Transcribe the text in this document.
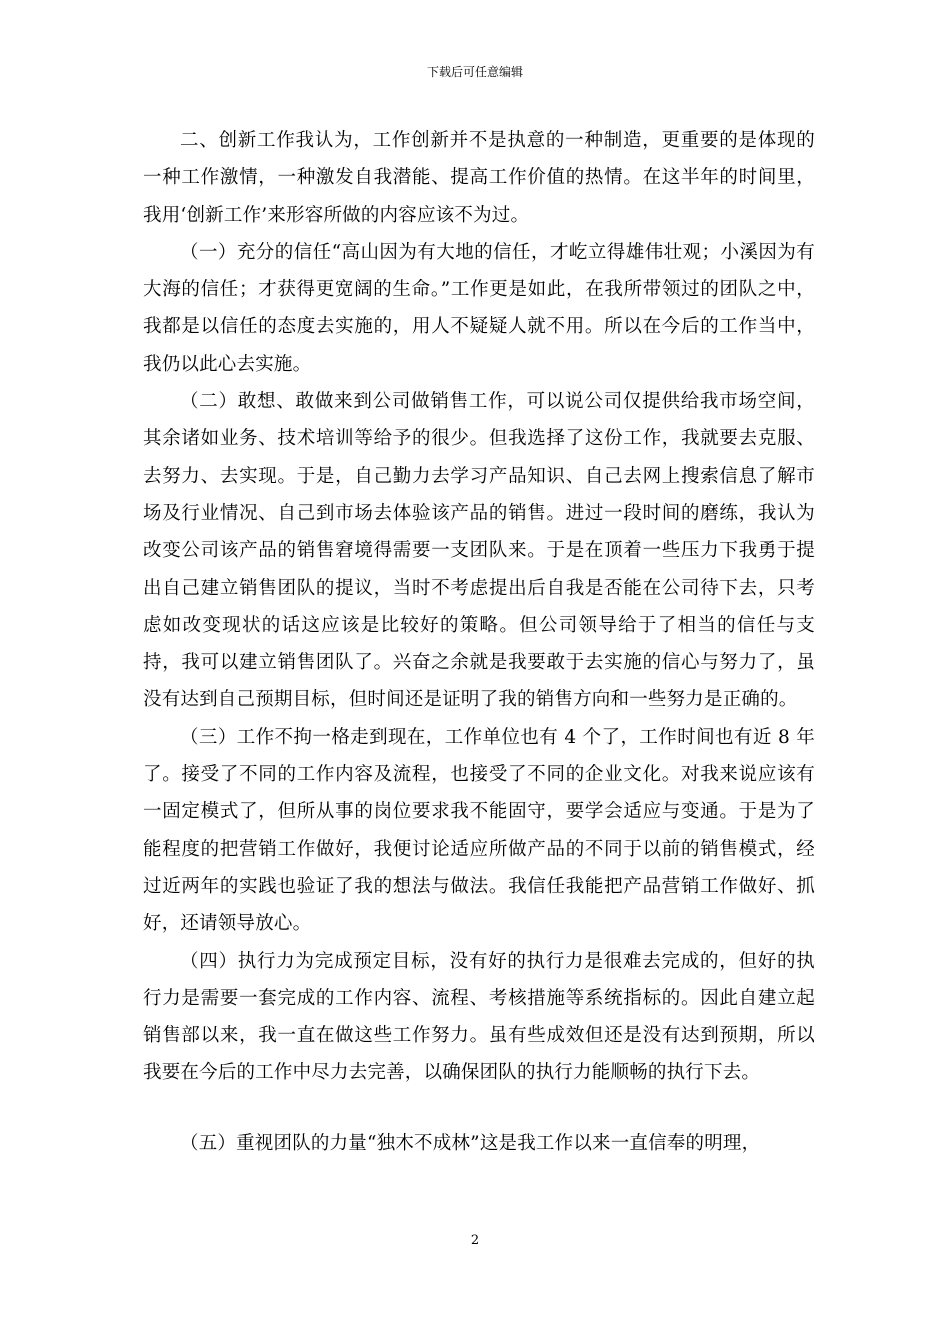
下载后可任意编辑

二、创新工作我认为，工作创新并不是执意的一种制造，更重要的是体现的一种工作激情，一种激发自我潜能、提高工作价值的热情。在这半年的时间里，我用‘创新工作’来形容所做的内容应该不为过。

（一）充分的信任“高山因为有大地的信任，才屹立得雄伟壮观；小溪因为有大海的信任；才获得更宽阔的生命。”工作更是如此，在我所带领过的团队之中，我都是以信任的态度去实施的，用人不疑疑人就不用。所以在今后的工作当中，我仍以此心去实施。

（二）敢想、敢做来到公司做销售工作，可以说公司仅提供给我市场空间，其余诸如业务、技术培训等给予的很少。但我选择了这份工作，我就要去克服、去努力、去实现。于是，自己勤力去学习产品知识、自己去网上搜索信息了解市场及行业情况、自己到市场去体验该产品的销售。进过一段时间的磨练，我认为改变公司该产品的销售窘境得需要一支团队来。于是在顶着一些压力下我勇于提出自己建立销售团队的提议，当时不考虑提出后自我是否能在公司待下去，只考虑如改变现状的话这应该是比较好的策略。但公司领导给于了相当的信任与支持，我可以建立销售团队了。兴奋之余就是我要敢于去实施的信心与努力了，虽没有达到自己预期目标，但时间还是证明了我的销售方向和一些努力是正确的。

（三）工作不拘一格走到现在，工作单位也有 4 个了，工作时间也有近 8 年了。接受了不同的工作内容及流程，也接受了不同的企业文化。对我来说应该有一固定模式了，但所从事的岗位要求我不能固守，要学会适应与变通。于是为了能程度的把营销工作做好，我便讨论适应所做产品的不同于以前的销售模式，经过近两年的实践也验证了我的想法与做法。我信任我能把产品营销工作做好、抓好，还请领导放心。

（四）执行力为完成预定目标，没有好的执行力是很难去完成的，但好的执行力是需要一套完成的工作内容、流程、考核措施等系统指标的。因此自建立起销售部以来，我一直在做这些工作努力。虽有些成效但还是没有达到预期，所以我要在今后的工作中尽力去完善，以确保团队的执行力能顺畅的执行下去。

（五）重视团队的力量“独木不成林”这是我工作以来一直信奉的明理，

2
